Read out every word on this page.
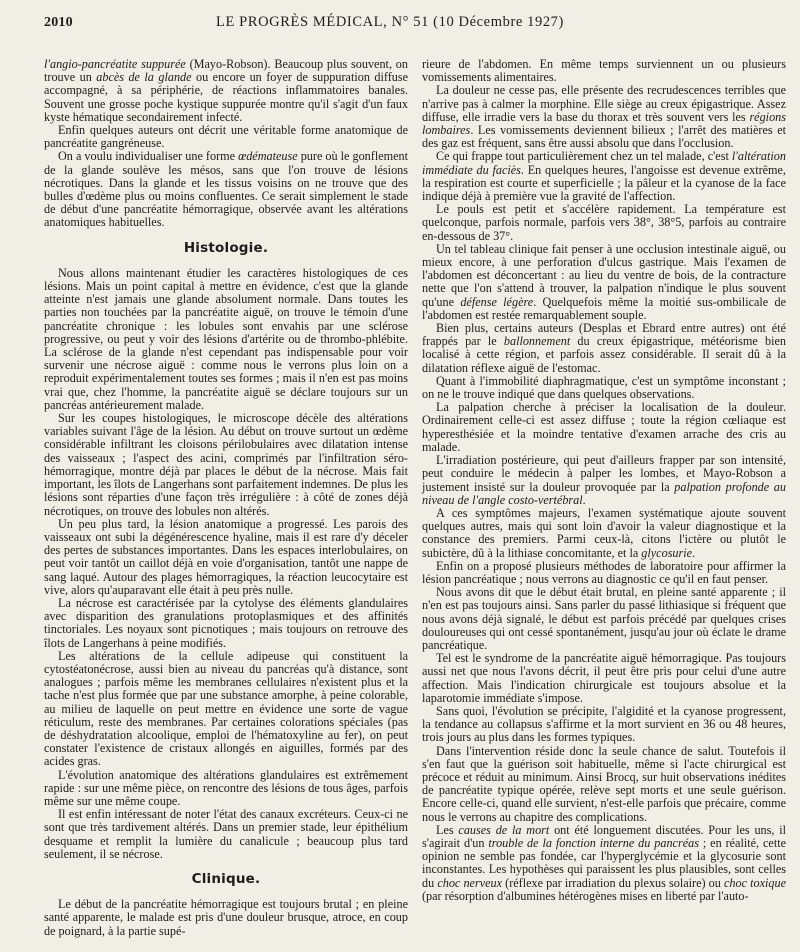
2010	LE PROGRÈS MÉDICAL, N° 51 (10 Décembre 1927)

l'angio-pancréatite suppurée (Mayo-Robson). Beaucoup plus souvent, on trouve un abcès de la glande ou encore un foyer de suppuration diffuse accompagné, à sa périphérie, de réactions inflammatoires banales. Souvent une grosse poche kystique suppurée montre qu'il s'agit d'un faux kyste hématique secondairement infecté.

Enfin quelques auteurs ont décrit une véritable forme anatomique de pancréatite gangréneuse.

On a voulu individualiser une forme œdémateuse pure où le gonflement de la glande soulève les mésos, sans que l'on trouve de lésions nécrotiques. Dans la glande et les tissus voisins on ne trouve que des bulles d'œdème plus ou moins confluentes. Ce serait simplement le stade de début d'une pancréatite hémorragique, observée avant les altérations anatomiques habituelles.

Histologie.

Nous allons maintenant étudier les caractères histologiques de ces lésions. Mais un point capital à mettre en évidence, c'est que la glande atteinte n'est jamais une glande absolument normale. Dans toutes les parties non touchées par la pancréatite aiguë, on trouve le témoin d'une pancréatite chronique : les lobules sont envahis par une sclérose progressive, ou peut y voir des lésions d'artérite ou de thrombo-phlébite. La sclérose de la glande n'est cependant pas indispensable pour voir survenir une nécrose aiguë : comme nous le verrons plus loin on a reproduit expérimentalement toutes ses formes ; mais il n'en est pas moins vrai que, chez l'homme, la pancréatite aiguë se déclare toujours sur un pancréas antérieurement malade.

Sur les coupes histologiques, le microscope décèle des altérations variables suivant l'âge de la lésion. Au début on trouve surtout un œdème considérable infiltrant les cloisons périlobulaires avec dilatation intense des vaisseaux ; l'aspect des acini, comprimés par l'infiltration séro-hémorragique, montre déjà par places le début de la nécrose. Mais fait important, les îlots de Langerhans sont parfaitement indemnes. De plus les lésions sont réparties d'une façon très irrégulière : à côté de zones déjà nécrotiques, on trouve des lobules non altérés.

Un peu plus tard, la lésion anatomique a progressé. Les parois des vaisseaux ont subi la dégénérescence hyaline, mais il est rare d'y déceler des pertes de substances importantes. Dans les espaces interlobulaires, on peut voir tantôt un caillot déjà en voie d'organisation, tantôt une nappe de sang laqué. Autour des plages hémorragiques, la réaction leucocytaire est vive, alors qu'auparavant elle était à peu près nulle.

La nécrose est caractérisée par la cytolyse des éléments glandulaires avec disparition des granulations protoplasmiques et des affinités tinctoriales. Les noyaux sont picnotiques ; mais toujours on retrouve des îlots de Langerhans à peine modifiés.

Les altérations de la cellule adipeuse qui constituent la cytostéatonécrose, aussi bien au niveau du pancréas qu'à distance, sont analogues ; parfois même les membranes cellulaires n'existent plus et la tache n'est plus formée que par une substance amorphe, à peine colorable, au milieu de laquelle on peut mettre en évidence une sorte de vague réticulum, reste des membranes. Par certaines colorations spéciales (pas de déshydratation alcoolique, emploi de l'hématoxyline au fer), on peut constater l'existence de cristaux allongés en aiguilles, formés par des acides gras.

L'évolution anatomique des altérations glandulaires est extrêmement rapide : sur une même pièce, on rencontre des lésions de tous âges, parfois même sur une même coupe.

Il est enfin intéressant de noter l'état des canaux excréteurs. Ceux-ci ne sont que très tardivement altérés. Dans un premier stade, leur épithélium desquame et remplit la lumière du canalicule ; beaucoup plus tard seulement, il se nécrose.

Clinique.

Le début de la pancréatite hémorragique est toujours brutal ; en pleine santé apparente, le malade est pris d'une douleur brusque, atroce, en coup de poignard, à la partie supé-

rieure de l'abdomen. En même temps surviennent un ou plusieurs vomissements alimentaires.

La douleur ne cesse pas, elle présente des recrudescences terribles que n'arrive pas à calmer la morphine. Elle siège au creux épigastrique. Assez diffuse, elle irradie vers la base du thorax et très souvent vers les régions lombaires. Les vomissements deviennent bilieux ; l'arrêt des matières et des gaz est fréquent, sans être aussi absolu que dans l'occlusion.

Ce qui frappe tout particulièrement chez un tel malade, c'est l'altération immédiate du faciès. En quelques heures, l'angoisse est devenue extrême, la respiration est courte et superficielle ; la pâleur et la cyanose de la face indique déjà à première vue la gravité de l'affection.

Le pouls est petit et s'accélère rapidement. La température est quelconque, parfois normale, parfois vers 38°, 38°5, parfois au contraire en-dessous de 37°.

Un tel tableau clinique fait penser à une occlusion intestinale aiguë, ou mieux encore, à une perforation d'ulcus gastrique. Mais l'examen de l'abdomen est déconcertant : au lieu du ventre de bois, de la contracture nette que l'on s'attend à trouver, la palpation n'indique le plus souvent qu'une défense légère. Quelquefois même la moitié sus-ombilicale de l'abdomen est restée remarquablement souple.

Bien plus, certains auteurs (Desplas et Ebrard entre autres) ont été frappés par le ballonnement du creux épigastrique, météorisme bien localisé à cette région, et parfois assez considérable. Il serait dû à la dilatation réflexe aiguë de l'estomac.

Quant à l'immobilité diaphragmatique, c'est un symptôme inconstant ; on ne le trouve indiqué que dans quelques observations.

La palpation cherche à préciser la localisation de la douleur. Ordinairement celle-ci est assez diffuse ; toute la région cœliaque est hyperesthésiée et la moindre tentative d'examen arrache des cris au malade.

L'irradiation postérieure, qui peut d'ailleurs frapper par son intensité, peut conduire le médecin à palper les lombes, et Mayo-Robson a justement insisté sur la douleur provoquée par la palpation profonde au niveau de l'angle costo-vertébral.

A ces symptômes majeurs, l'examen systématique ajoute souvent quelques autres, mais qui sont loin d'avoir la valeur diagnostique et la constance des premiers. Parmi ceux-là, citons l'ictère ou plutôt le subictère, dû à la lithiase concomitante, et la glycosurie.

Enfin on a proposé plusieurs méthodes de laboratoire pour affirmer la lésion pancréatique ; nous verrons au diagnostic ce qu'il en faut penser.

Nous avons dit que le début était brutal, en pleine santé apparente ; il n'en est pas toujours ainsi. Sans parler du passé lithiasique si fréquent que nous avons déjà signalé, le début est parfois précédé par quelques crises douloureuses qui ont cessé spontanément, jusqu'au jour où éclate le drame pancréatique.

Tel est le syndrome de la pancréatite aiguë hémorragique. Pas toujours aussi net que nous l'avons décrit, il peut être pris pour celui d'une autre affection. Mais l'indication chirurgicale est toujours absolue et la laparotomie immédiate s'impose.

Sans quoi, l'évolution se précipite, l'algidité et la cyanose progressent, la tendance au collapsus s'affirme et la mort survient en 36 ou 48 heures, trois jours au plus dans les formes typiques.

Dans l'intervention réside donc la seule chance de salut. Toutefois il s'en faut que la guérison soit habituelle, même si l'acte chirurgical est précoce et réduit au minimum. Ainsi Brocq, sur huit observations inédites de pancréatite typique opérée, relève sept morts et une seule guérison. Encore celle-ci, quand elle survient, n'est-elle parfois que précaire, comme nous le verrons au chapitre des complications.

Les causes de la mort ont été longuement discutées. Pour les uns, il s'agirait d'un trouble de la fonction interne du pancréas ; en réalité, cette opinion ne semble pas fondée, car l'hyperglycémie et la glycosurie sont inconstantes. Les hypothèses qui paraissent les plus plausibles, sont celles du choc nerveux (réflexe par irradiation du plexus solaire) ou choc toxique (par résorption d'albumines hétérogènes mises en liberté par l'auto-
